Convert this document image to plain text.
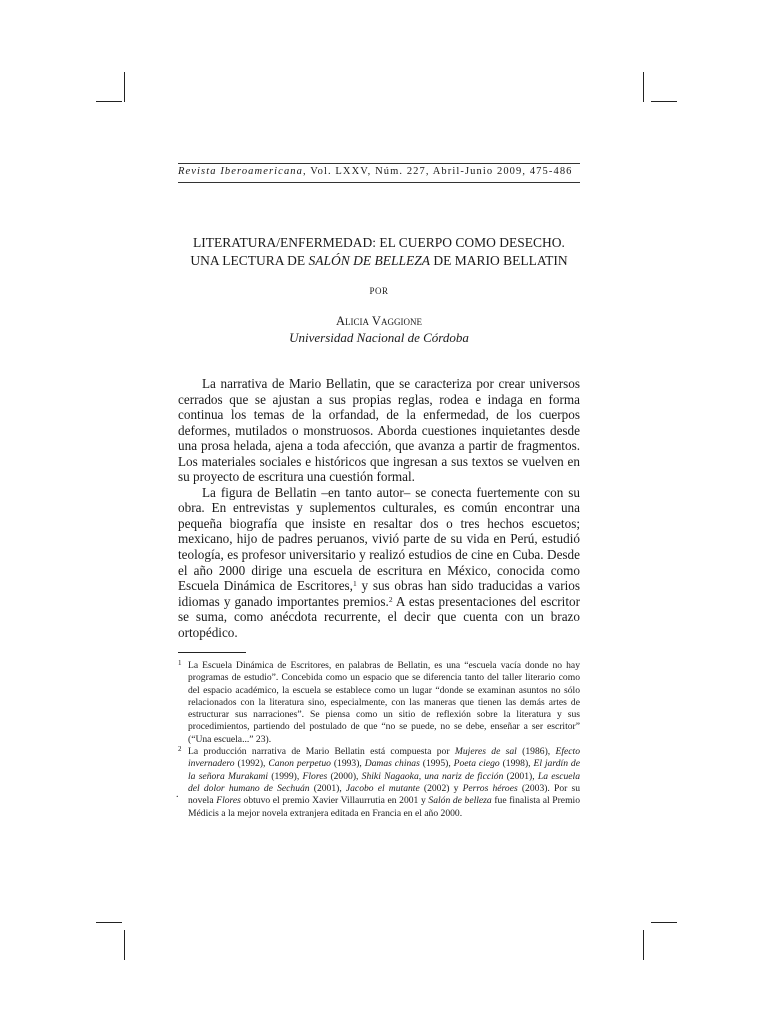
Revista Iberoamericana, Vol. LXXV, Núm. 227, Abril-Junio 2009, 475-486
LITERATURA/ENFERMEDAD: EL CUERPO COMO DESECHO.
UNA LECTURA DE SALÓN DE BELLEZA DE MARIO BELLATIN
POR
Alicia Vaggione
Universidad Nacional de Córdoba

La narrativa de Mario Bellatin, que se caracteriza por crear universos cerrados que se ajustan a sus propias reglas, rodea e indaga en forma continua los temas de la orfandad, de la enfermedad, de los cuerpos deformes, mutilados o monstruosos. Aborda cuestiones inquietantes desde una prosa helada, ajena a toda afección, que avanza a partir de fragmentos. Los materiales sociales e históricos que ingresan a sus textos se vuelven en su proyecto de escritura una cuestión formal.

La figura de Bellatin –en tanto autor– se conecta fuertemente con su obra. En entrevistas y suplementos culturales, es común encontrar una pequeña biografía que insiste en resaltar dos o tres hechos escuetos; mexicano, hijo de padres peruanos, vivió parte de su vida en Perú, estudió teología, es profesor universitario y realizó estudios de cine en Cuba. Desde el año 2000 dirige una escuela de escritura en México, conocida como Escuela Dinámica de Escritores,$^1$ y sus obras han sido traducidas a varios idiomas y ganado importantes premios.$^2$ A estas presentaciones del escritor se suma, como anécdota recurrente, el decir que cuenta con un brazo ortopédico.

1 La Escuela Dinámica de Escritores, en palabras de Bellatin, es una “escuela vacía donde no hay programas de estudio”. Concebida como un espacio que se diferencia tanto del taller literario como del espacio académico, la escuela se establece como un lugar “donde se examinan asuntos no sólo relacionados con la literatura sino, especialmente, con las maneras que tienen las demás artes de estructurar sus narraciones”. Se piensa como un sitio de reflexión sobre la literatura y sus procedimientos, partiendo del postulado de que “no se puede, no se debe, enseñar a ser escritor” (“Una escuela...” 23).

2 La producción narrativa de Mario Bellatin está compuesta por Mujeres de sal (1986), Efecto invernadero (1992), Canon perpetuo (1993), Damas chinas (1995), Poeta ciego (1998), El jardín de la señora Murakami (1999), Flores (2000), Shiki Nagaoka, una nariz de ficción (2001), La escuela del dolor humano de Sechuán (2001), Jacobo el mutante (2002) y Perros héroes (2003). Por su novela Flores obtuvo el premio Xavier Villaurrutia en 2001 y Salón de belleza fue finalista al Premio Médicis a la mejor novela extranjera editada en Francia en el año 2000.

.
